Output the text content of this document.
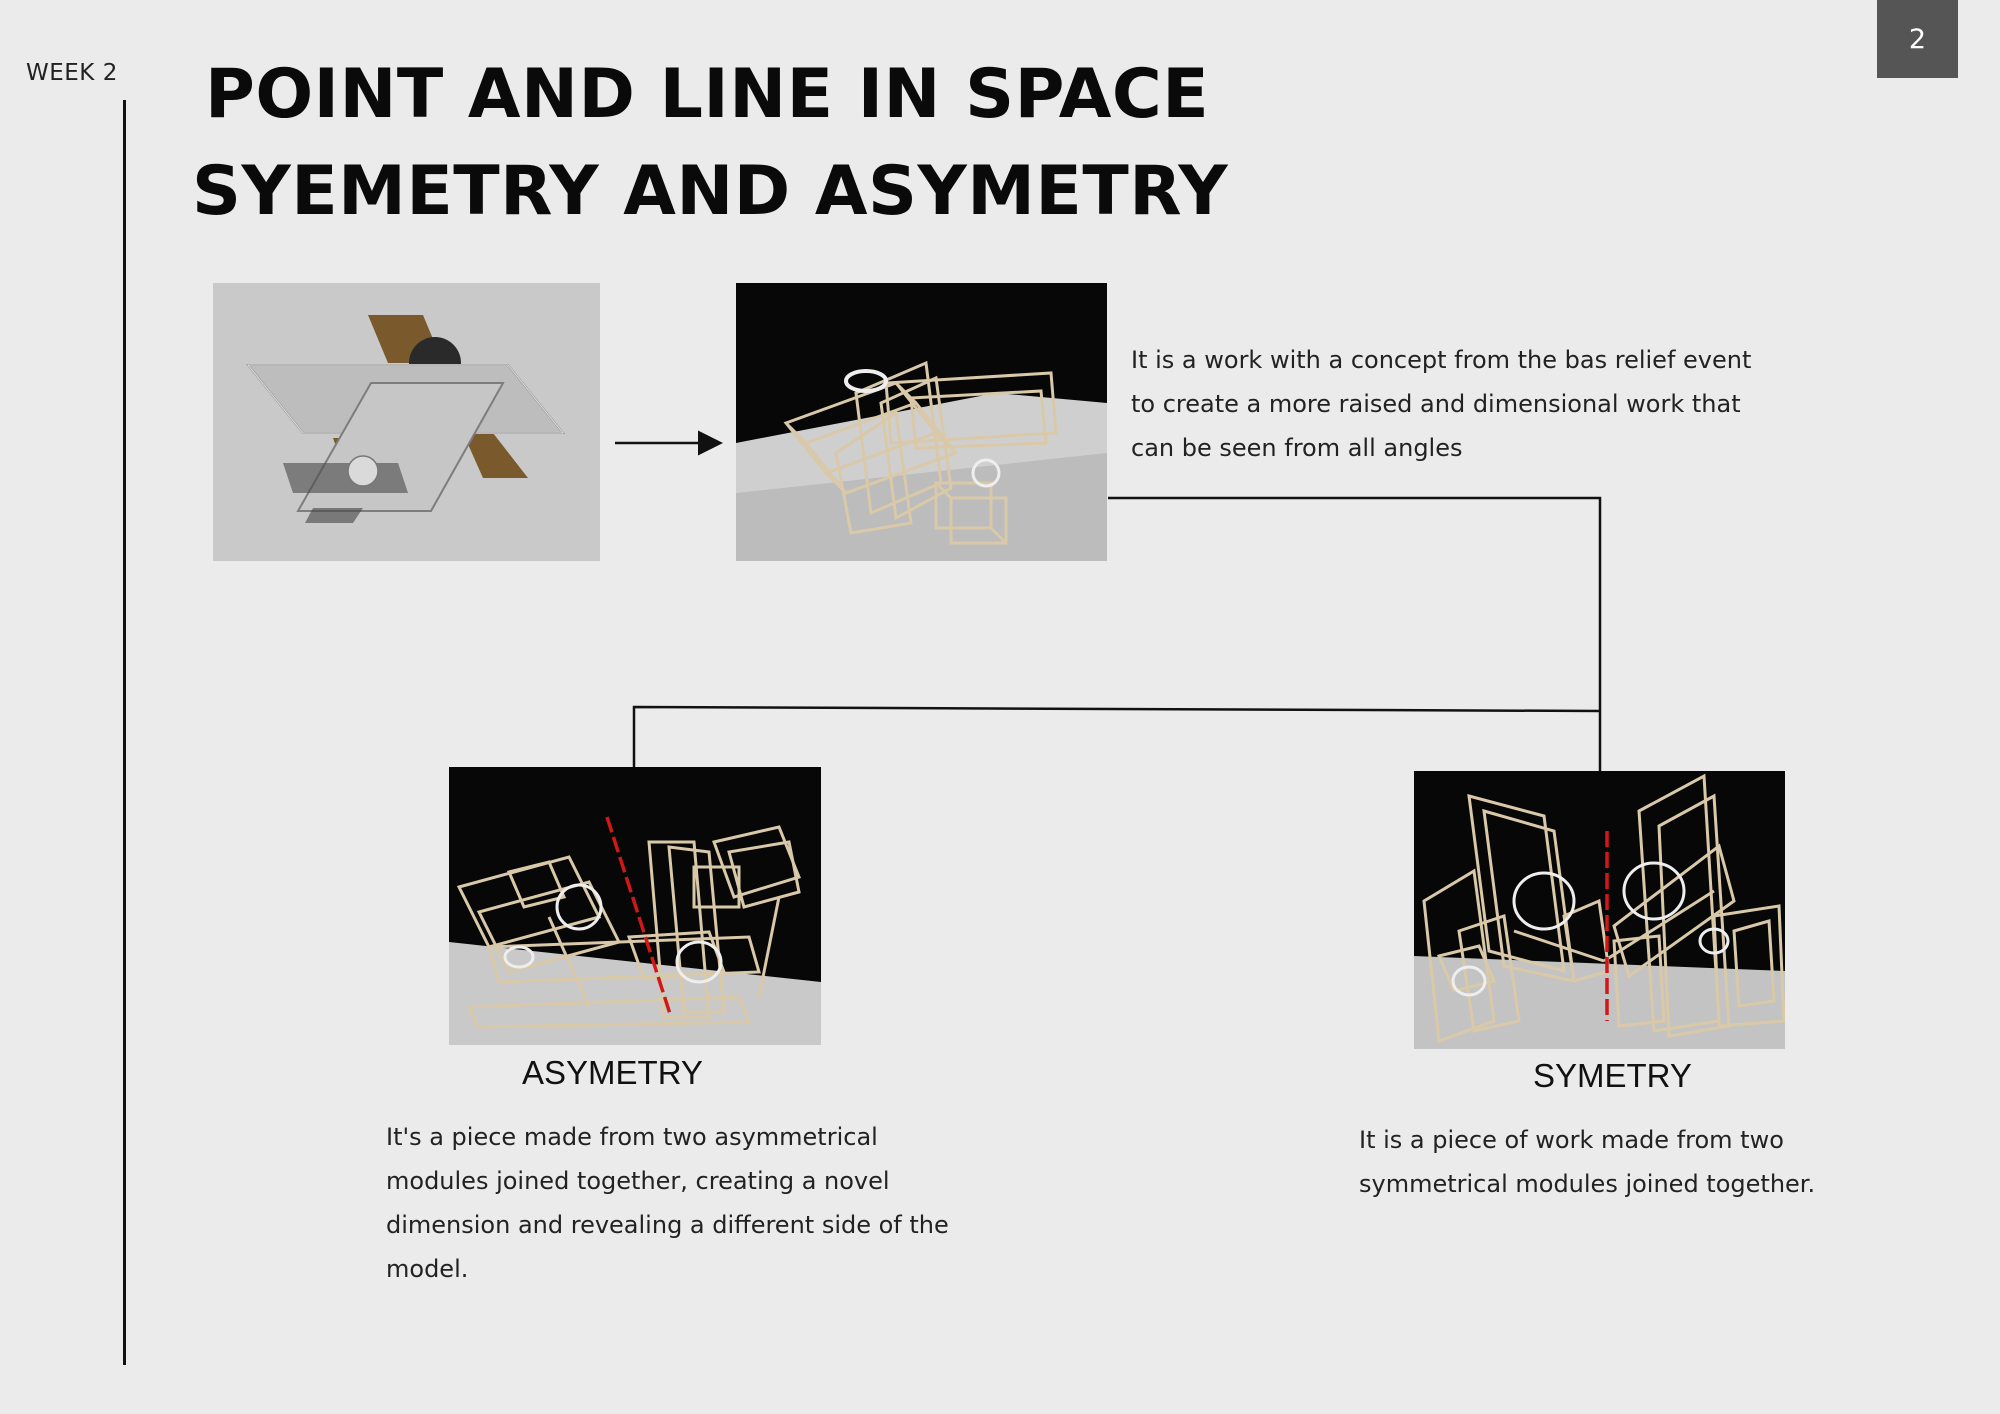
WEEK 2
2
POINT AND LINE IN SPACE
SYEMETRY AND ASYMETRY
It is a work with a concept from the bas relief event to create a more raised and dimensional work that can be seen from all angles
ASYMETRY
It's a piece made from two asymmetrical modules joined together, creating a novel dimension and revealing a different side of the model.
SYMETRY
It is a piece of work made from two symmetrical modules joined together.
